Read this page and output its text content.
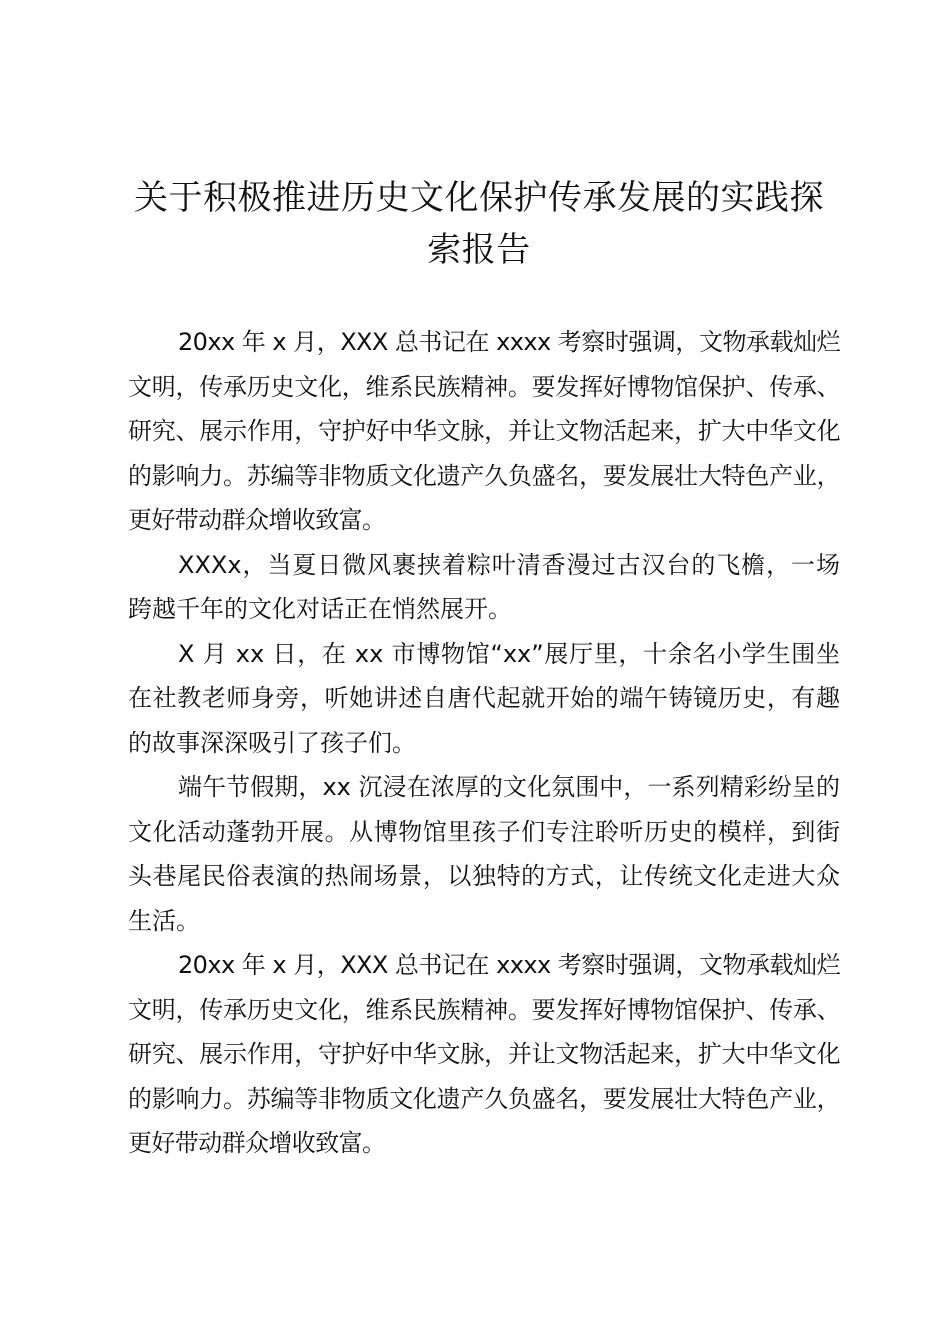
关于积极推进历史文化保护传承发展的实践探索报告

20xx 年 x 月，XXX 总书记在 xxxx 考察时强调，文物承载灿烂文明，传承历史文化，维系民族精神。要发挥好博物馆保护、传承、研究、展示作用，守护好中华文脉，并让文物活起来，扩大中华文化的影响力。苏编等非物质文化遗产久负盛名，要发展壮大特色产业，更好带动群众增收致富。

XXXx，当夏日微风裹挟着粽叶清香漫过古汉台的飞檐，一场跨越千年的文化对话正在悄然展开。

X 月 xx 日，在 xx 市博物馆“xx”展厅里，十余名小学生围坐在社教老师身旁，听她讲述自唐代起就开始的端午铸镜历史，有趣的故事深深吸引了孩子们。

端午节假期，xx 沉浸在浓厚的文化氛围中，一系列精彩纷呈的文化活动蓬勃开展。从博物馆里孩子们专注聆听历史的模样，到街头巷尾民俗表演的热闹场景，以独特的方式，让传统文化走进大众生活。

20xx 年 x 月，XXX 总书记在 xxxx 考察时强调，文物承载灿烂文明，传承历史文化，维系民族精神。要发挥好博物馆保护、传承、研究、展示作用，守护好中华文脉，并让文物活起来，扩大中华文化的影响力。苏编等非物质文化遗产久负盛名，要发展壮大特色产业，更好带动群众增收致富。
